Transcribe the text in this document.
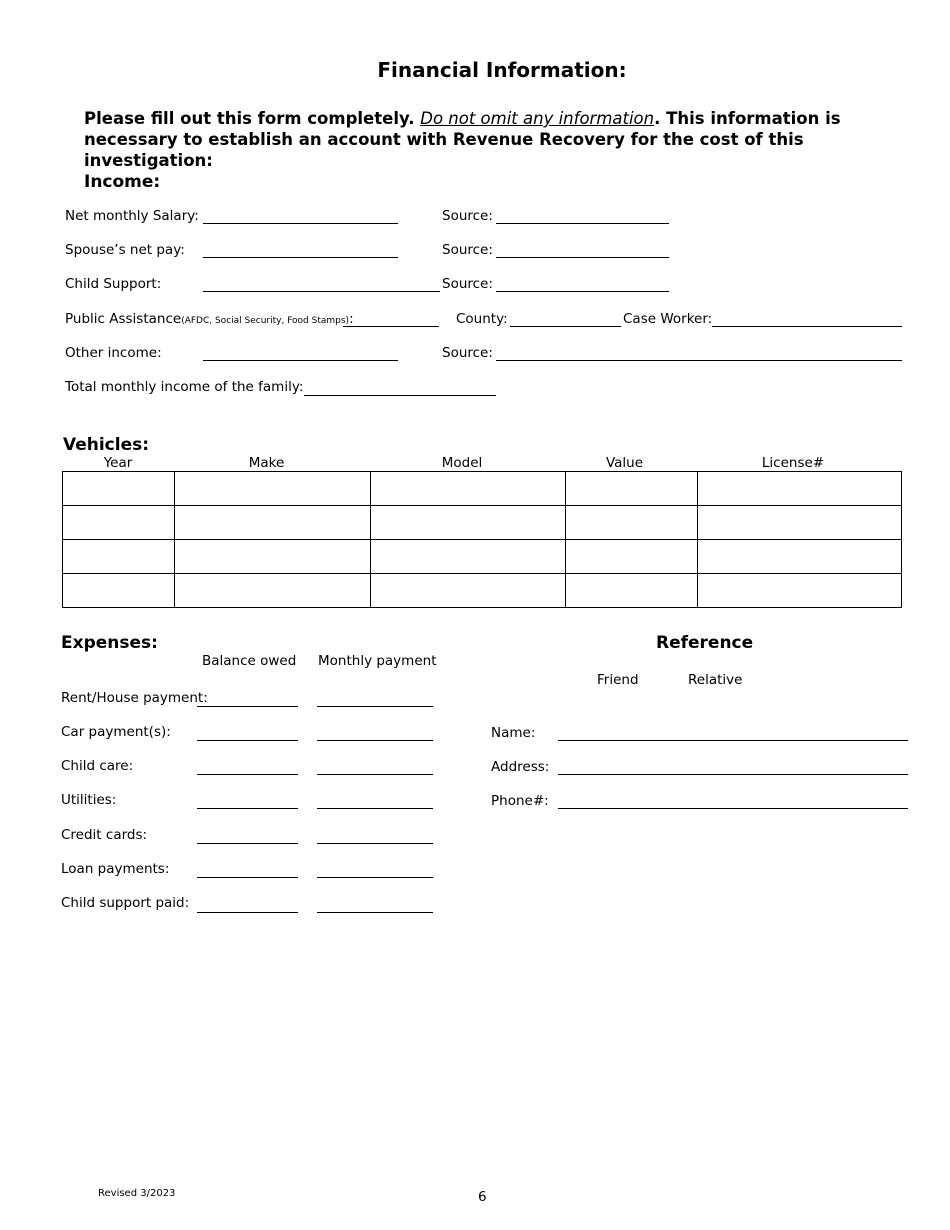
Financial Information:
Please fill out this form completely. Do not omit any information. This information is necessary to establish an account with Revenue Recovery for the cost of this investigation:
Income:
Net monthly Salary:	Source:
Spouse’s net pay:	Source:
Child Support:	Source:
Public Assistance(AFDC, Social Security, Food Stamps):	County:	Case Worker:
Other income:	Source:
Total monthly income of the family:
Vehicles:
Year	Make	Model	Value	License#

Expenses:
Balance owed Monthly payment
Rent/House payment:
Car payment(s):
Child care:
Utilities:
Credit cards:
Loan payments:
Child support paid:
Reference
Friend	Relative
Name:
Address:
Phone#:
Revised 3/2023	6
